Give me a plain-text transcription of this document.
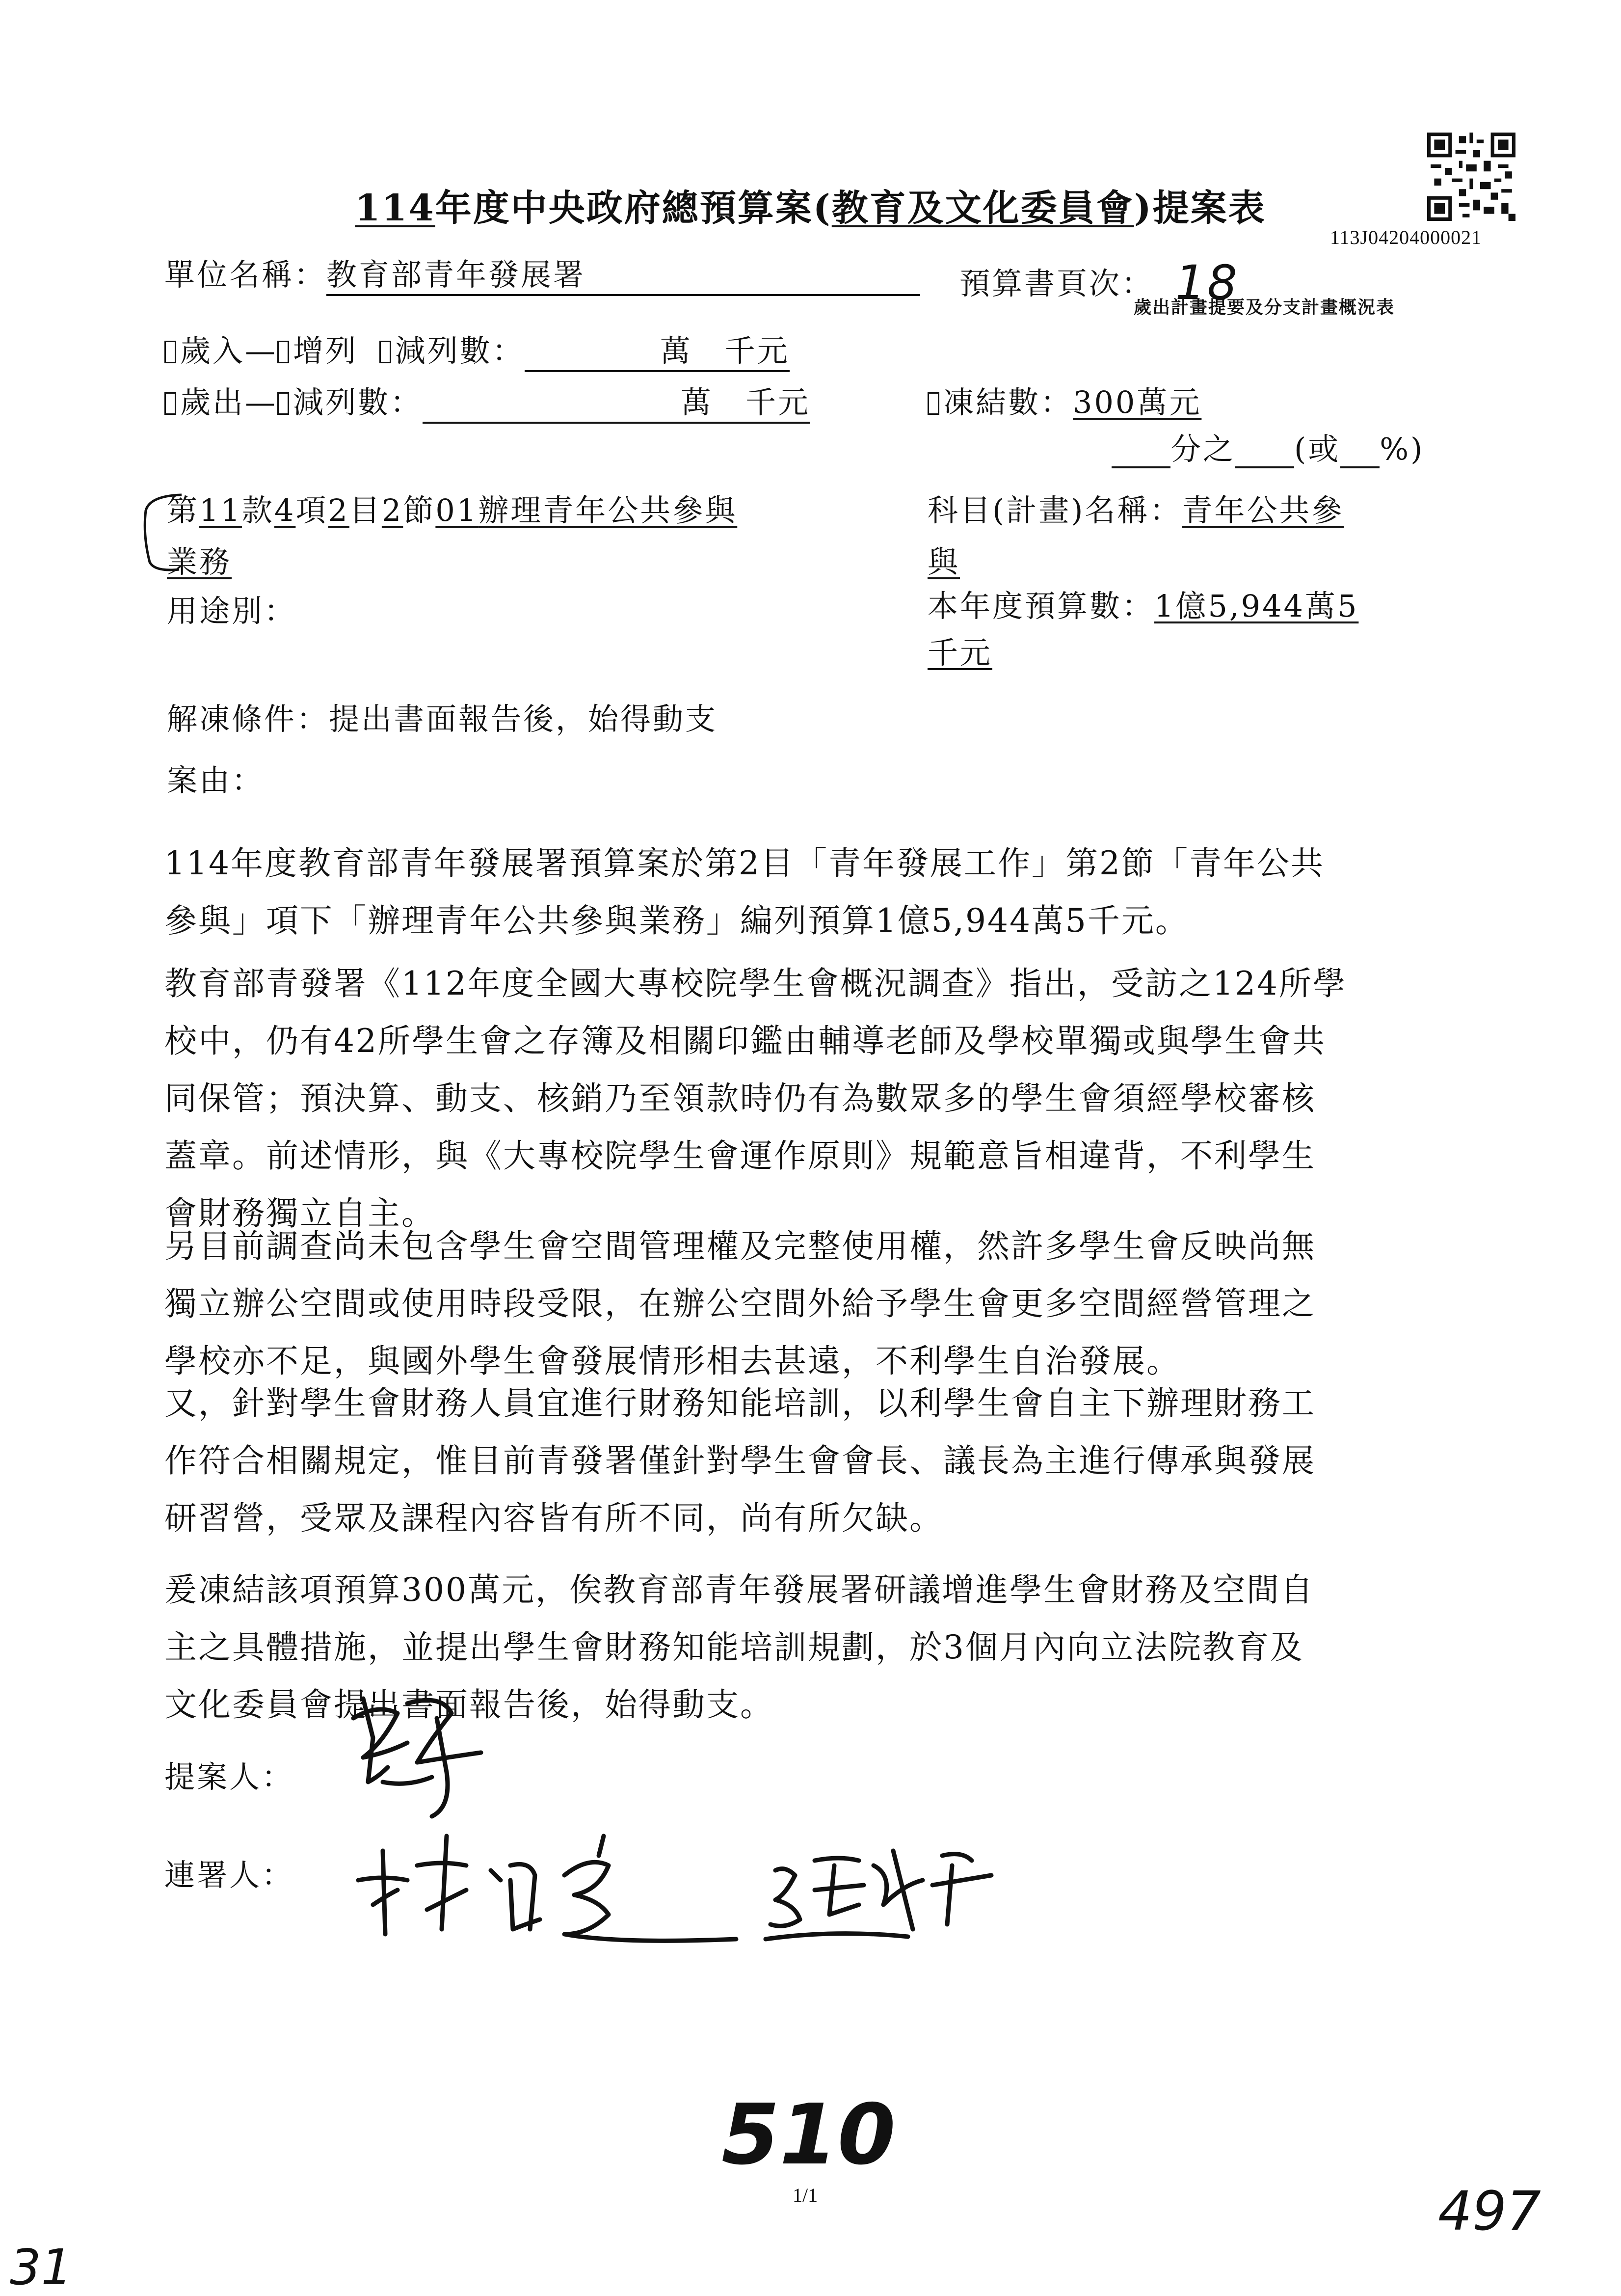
113J04204000021
114年度中央政府總預算案(教育及文化委員會)提案表
單位名稱：教育部青年發展署	預算書頁次： 18
歲出計畫提要及分支計畫概況表
歲入— 增列 減列數：	萬　千元
歲出— 減列數：	萬　千元	凍結數：300萬元
分之 (或 %)
第11款4項2目2節01辦理青年公共參與
業務
用途別：
科目(計畫)名稱：青年公共參
與
本年度預算數：1億5,944萬5
千元
解凍條件：提出書面報告後，始得動支
案由：
114年度教育部青年發展署預算案於第2目「青年發展工作」第2節「青年公共
參與」項下「辦理青年公共參與業務」編列預算1億5,944萬5千元。
教育部青發署《112年度全國大專校院學生會概況調查》指出，受訪之124所學
校中，仍有42所學生會之存簿及相關印鑑由輔導老師及學校單獨或與學生會共
同保管；預決算、動支、核銷乃至領款時仍有為數眾多的學生會須經學校審核
蓋章。前述情形，與《大專校院學生會運作原則》規範意旨相違背，不利學生
會財務獨立自主。
另目前調查尚未包含學生會空間管理權及完整使用權，然許多學生會反映尚無
獨立辦公空間或使用時段受限，在辦公空間外給予學生會更多空間經營管理之
學校亦不足，與國外學生會發展情形相去甚遠，不利學生自治發展。
又，針對學生會財務人員宜進行財務知能培訓，以利學生會自主下辦理財務工
作符合相關規定，惟目前青發署僅針對學生會會長、議長為主進行傳承與發展
研習營，受眾及課程內容皆有所不同，尚有所欠缺。
爰凍結該項預算300萬元，俟教育部青年發展署研議增進學生會財務及空間自
主之具體措施，並提出學生會財務知能培訓規劃，於3個月內向立法院教育及
文化委員會提出書面報告後，始得動支。
提案人：
連署人：
510
1/1	497
31
